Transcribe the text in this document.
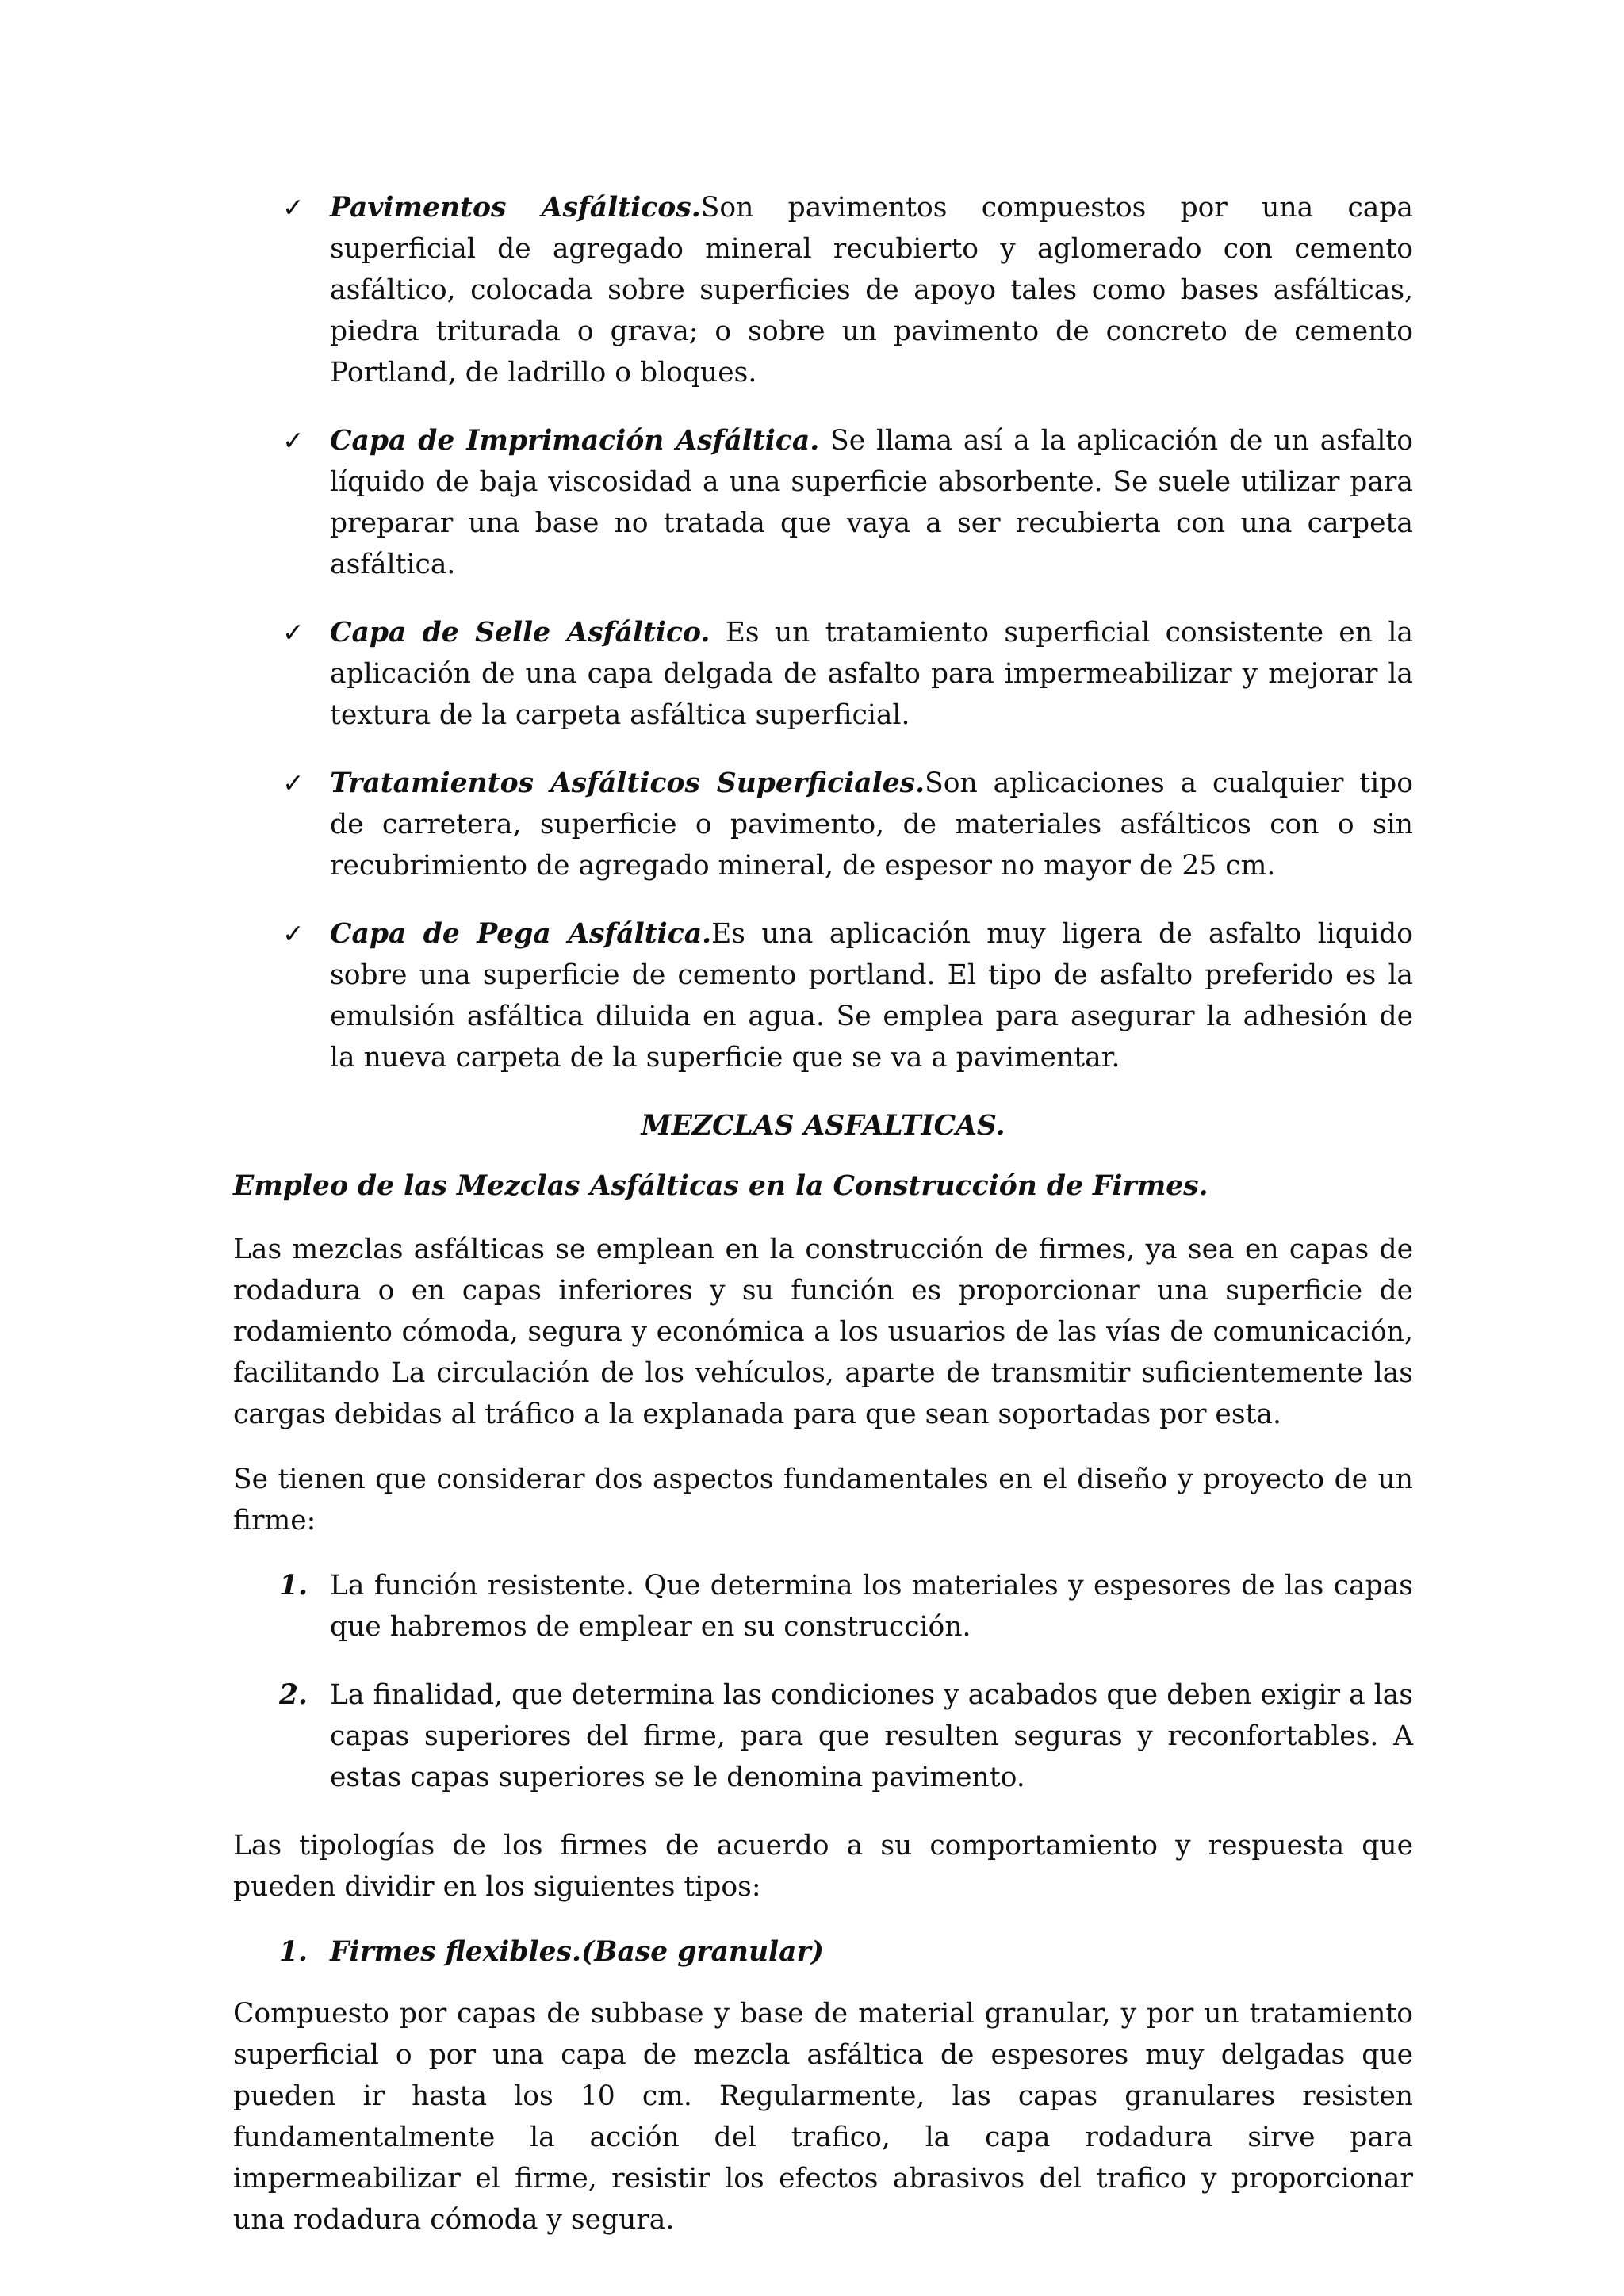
✓ Pavimentos Asfálticos.Son pavimentos compuestos por una capa superficial de agregado mineral recubierto y aglomerado con cemento asfáltico, colocada sobre superficies de apoyo tales como bases asfálticas, piedra triturada o grava; o sobre un pavimento de concreto de cemento Portland, de ladrillo o bloques.
✓ Capa de Imprimación Asfáltica. Se llama así a la aplicación de un asfalto líquido de baja viscosidad a una superficie absorbente. Se suele utilizar para preparar una base no tratada que vaya a ser recubierta con una carpeta asfáltica.
✓ Capa de Selle Asfáltico. Es un tratamiento superficial consistente en la aplicación de una capa delgada de asfalto para impermeabilizar y mejorar la textura de la carpeta asfáltica superficial.
✓ Tratamientos Asfálticos Superficiales.Son aplicaciones a cualquier tipo de carretera, superficie o pavimento, de materiales asfálticos con o sin recubrimiento de agregado mineral, de espesor no mayor de 25 cm.
✓ Capa de Pega Asfáltica.Es una aplicación muy ligera de asfalto liquido sobre una superficie de cemento portland. El tipo de asfalto preferido es la emulsión asfáltica diluida en agua. Se emplea para asegurar la adhesión de la nueva carpeta de la superficie que se va a pavimentar.
MEZCLAS ASFALTICAS.
Empleo de las Mezclas Asfálticas en la Construcción de Firmes.

Las mezclas asfálticas se emplean en la construcción de firmes, ya sea en capas de rodadura o en capas inferiores y su función es proporcionar una superficie de rodamiento cómoda, segura y económica a los usuarios de las vías de comunicación, facilitando La circulación de los vehículos, aparte de transmitir suficientemente las cargas debidas al tráfico a la explanada para que sean soportadas por esta.

Se tienen que considerar dos aspectos fundamentales en el diseño y proyecto de un firme:

1. La función resistente. Que determina los materiales y espesores de las capas que habremos de emplear en su construcción.
2. La finalidad, que determina las condiciones y acabados que deben exigir a las capas superiores del firme, para que resulten seguras y reconfortables. A estas capas superiores se le denomina pavimento.

Las tipologías de los firmes de acuerdo a su comportamiento y respuesta que pueden dividir en los siguientes tipos:

1. Firmes flexibles.(Base granular)

Compuesto por capas de subbase y base de material granular, y por un tratamiento superficial o por una capa de mezcla asfáltica de espesores muy delgadas que pueden ir hasta los 10 cm. Regularmente, las capas granulares resisten fundamentalmente la acción del trafico, la capa rodadura sirve para impermeabilizar el firme, resistir los efectos abrasivos del trafico y proporcionar una rodadura cómoda y segura.
